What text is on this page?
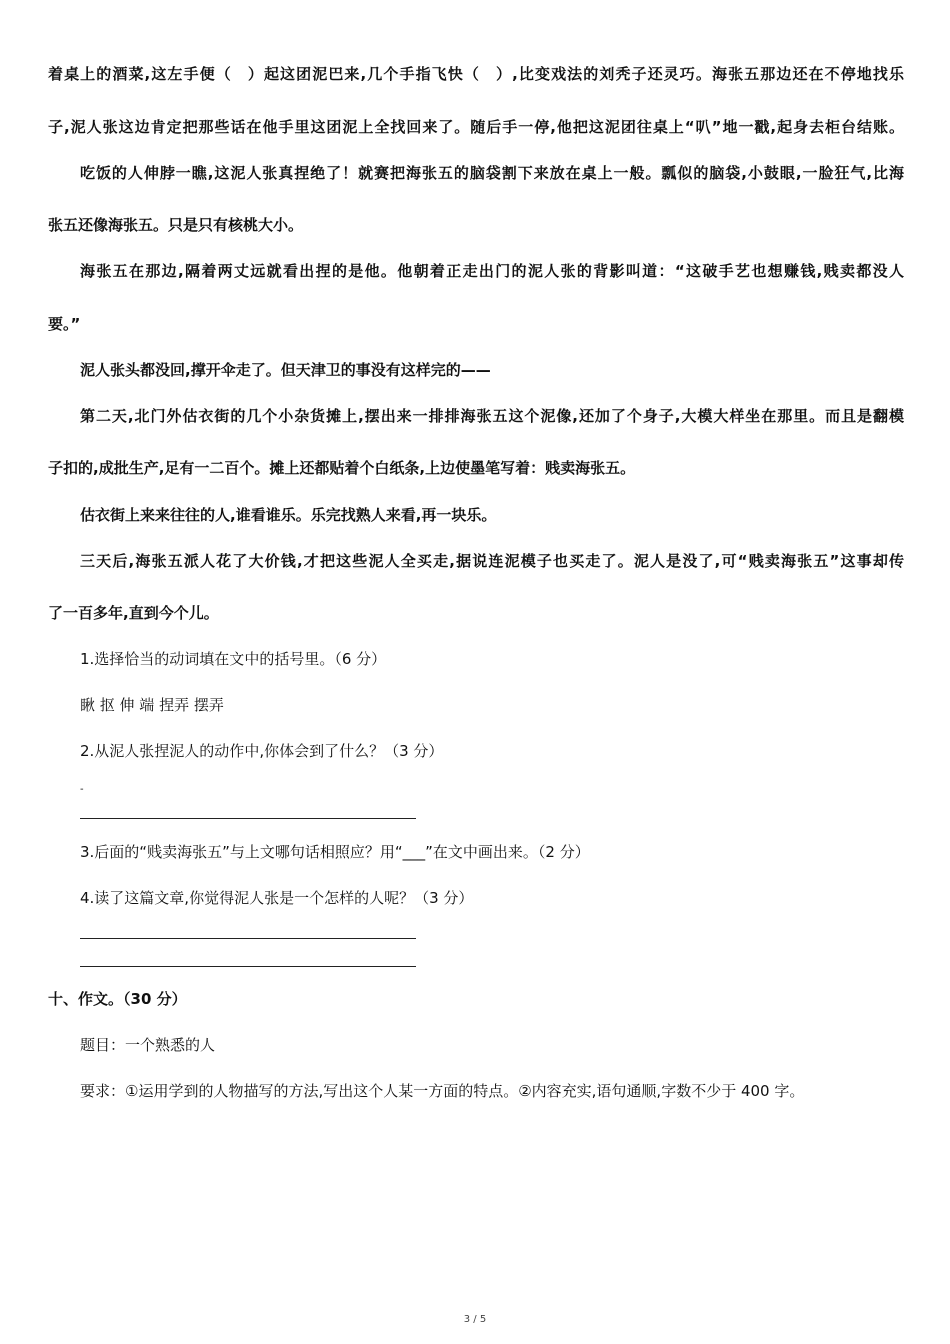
着桌上的酒菜,这左手便（　）起这团泥巴来,几个手指飞快（　）,比变戏法的刘秃子还灵巧。海张五那边还在不停地找乐
子,泥人张这边肯定把那些话在他手里这团泥上全找回来了。随后手一停,他把这泥团往桌上“叭”地一戳,起身去柜台结账。
吃饭的人伸脖一瞧,这泥人张真捏绝了！就赛把海张五的脑袋割下来放在桌上一般。瓢似的脑袋,小鼓眼,一脸狂气,比海
张五还像海张五。只是只有核桃大小。
海张五在那边,隔着两丈远就看出捏的是他。他朝着正走出门的泥人张的背影叫道：“这破手艺也想赚钱,贱卖都没人
要。”
泥人张头都没回,撑开伞走了。但天津卫的事没有这样完的——
第二天,北门外估衣街的几个小杂货摊上,摆出来一排排海张五这个泥像,还加了个身子,大模大样坐在那里。而且是翻模
子扣的,成批生产,足有一二百个。摊上还都贴着个白纸条,上边使墨笔写着：贱卖海张五。
估衣街上来来往往的人,谁看谁乐。乐完找熟人来看,再一块乐。
三天后,海张五派人花了大价钱,才把这些泥人全买走,据说连泥模子也买走了。泥人是没了,可“贱卖海张五”这事却传
了一百多年,直到今个儿。
1.选择恰当的动词填在文中的括号里。（6 分）
瞅 抠 伸 端 捏弄 摆弄
2.从泥人张捏泥人的动作中,你体会到了什么？（3 分）
-
3.后面的“贱卖海张五”与上文哪句话相照应？用“___”在文中画出来。（2 分）
4.读了这篇文章,你觉得泥人张是一个怎样的人呢？（3 分）
十、作文。（30 分）
题目：一个熟悉的人
要求：①运用学到的人物描写的方法,写出这个人某一方面的特点。②内容充实,语句通顺,字数不少于 400 字。
3 / 5
